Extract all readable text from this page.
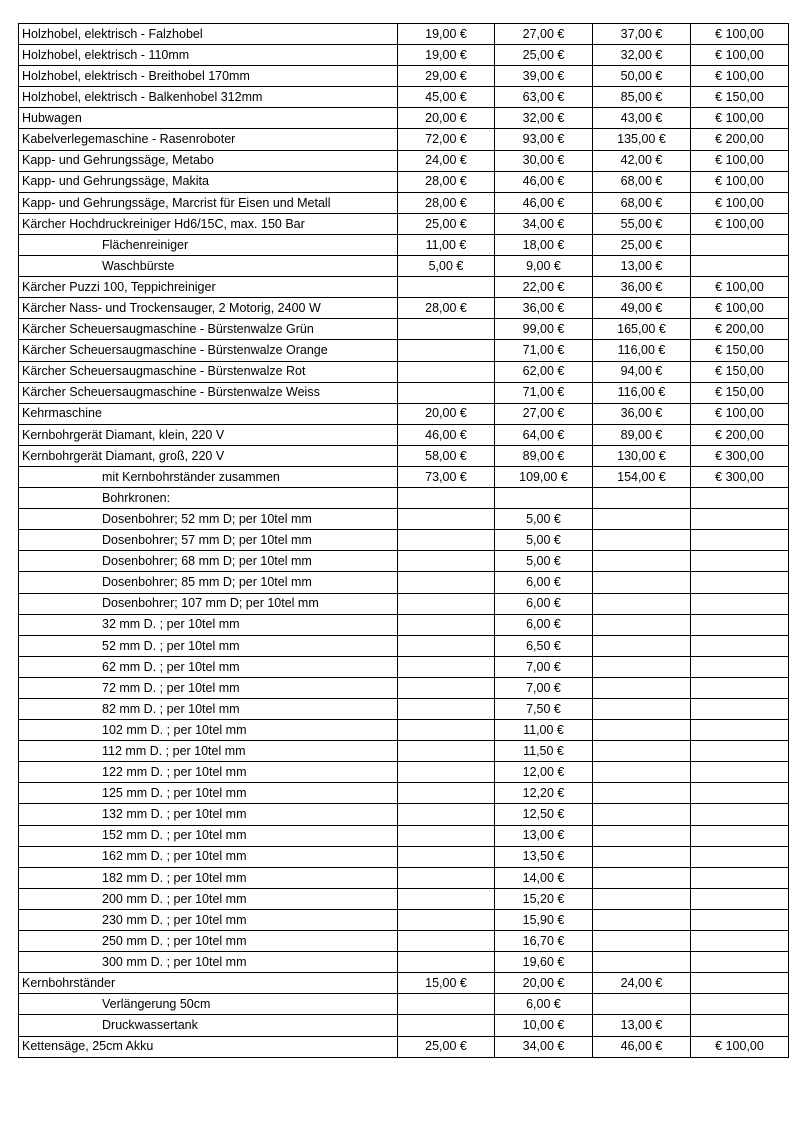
Holzhobel, elektrisch - Falzhobel	19,00 €	27,00 €	37,00 €	€ 100,00
Holzhobel, elektrisch - 110mm	19,00 €	25,00 €	32,00 €	€ 100,00
Holzhobel, elektrisch - Breithobel 170mm	29,00 €	39,00 €	50,00 €	€ 100,00
Holzhobel, elektrisch - Balkenhobel 312mm	45,00 €	63,00 €	85,00 €	€ 150,00
Hubwagen	20,00 €	32,00 €	43,00 €	€ 100,00
Kabelverlegemaschine - Rasenroboter	72,00 €	93,00 €	135,00 €	€ 200,00
Kapp- und Gehrungssäge, Metabo	24,00 €	30,00 €	42,00 €	€ 100,00
Kapp- und Gehrungssäge, Makita	28,00 €	46,00 €	68,00 €	€ 100,00
Kapp- und Gehrungssäge, Marcrist für Eisen und Metall	28,00 €	46,00 €	68,00 €	€ 100,00
Kärcher Hochdruckreiniger Hd6/15C, max. 150 Bar	25,00 €	34,00 €	55,00 €	€ 100,00
Flächenreiniger	11,00 €	18,00 €	25,00 €	
Waschbürste	5,00 €	9,00 €	13,00 €	
Kärcher Puzzi 100, Teppichreiniger		22,00 €	36,00 €	€ 100,00
Kärcher Nass- und Trockensauger, 2 Motorig, 2400 W	28,00 €	36,00 €	49,00 €	€ 100,00
Kärcher Scheuersaugmaschine - Bürstenwalze Grün		99,00 €	165,00 €	€ 200,00
Kärcher Scheuersaugmaschine - Bürstenwalze Orange		71,00 €	116,00 €	€ 150,00
Kärcher Scheuersaugmaschine - Bürstenwalze Rot		62,00 €	94,00 €	€ 150,00
Kärcher Scheuersaugmaschine - Bürstenwalze Weiss		71,00 €	116,00 €	€ 150,00
Kehrmaschine	20,00 €	27,00 €	36,00 €	€ 100,00
Kernbohrgerät Diamant, klein, 220 V	46,00 €	64,00 €	89,00 €	€ 200,00
Kernbohrgerät Diamant, groß, 220 V	58,00 €	89,00 €	130,00 €	€ 300,00
mit Kernbohrständer zusammen	73,00 €	109,00 €	154,00 €	€ 300,00
Bohrkronen:				
Dosenbohrer; 52 mm D; per 10tel mm		5,00 €		
Dosenbohrer; 57 mm D; per 10tel mm		5,00 €		
Dosenbohrer; 68 mm D; per 10tel mm		5,00 €		
Dosenbohrer; 85 mm D; per 10tel mm		6,00 €		
Dosenbohrer; 107 mm D; per 10tel mm		6,00 €		
32 mm D. ; per 10tel mm		6,00 €		
52 mm D. ; per 10tel mm		6,50 €		
62 mm D. ; per 10tel mm		7,00 €		
72 mm D. ; per 10tel mm		7,00 €		
82 mm D. ; per 10tel mm		7,50 €		
102 mm D. ; per 10tel mm		11,00 €		
112 mm D. ; per 10tel mm		11,50 €		
122 mm D. ; per 10tel mm		12,00 €		
125 mm D. ; per 10tel mm		12,20 €		
132 mm D. ; per 10tel mm		12,50 €		
152 mm D. ; per 10tel mm		13,00 €		
162 mm D. ; per 10tel mm		13,50 €		
182 mm D. ; per 10tel mm		14,00 €		
200 mm D. ; per 10tel mm		15,20 €		
230 mm D. ; per 10tel mm		15,90 €		
250 mm D. ; per 10tel mm		16,70 €		
300 mm D. ; per 10tel mm		19,60 €		
Kernbohrständer	15,00 €	20,00 €	24,00 €	
Verlängerung 50cm		6,00 €		
Druckwassertank		10,00 €	13,00 €	
Kettensäge, 25cm Akku	25,00 €	34,00 €	46,00 €	€ 100,00
